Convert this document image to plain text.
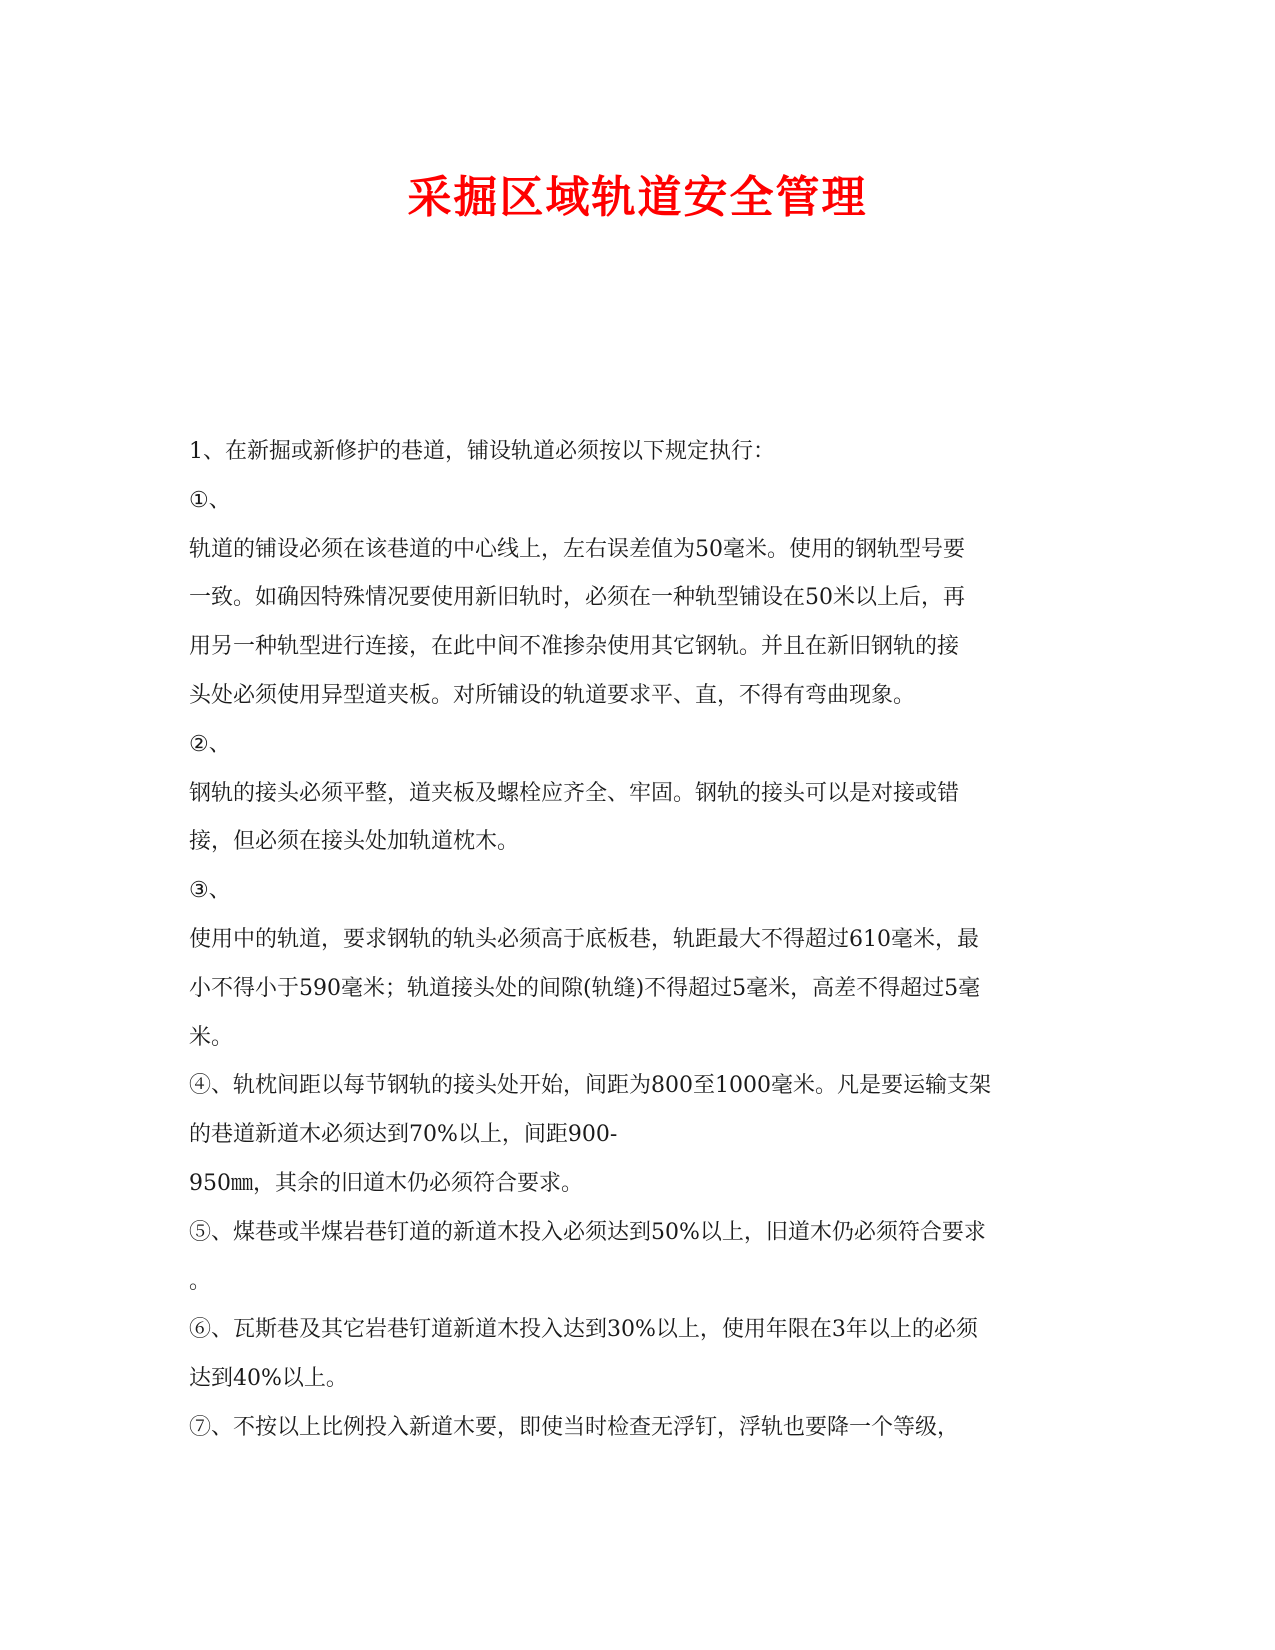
采掘区域轨道安全管理

1、在新掘或新修护的巷道，铺设轨道必须按以下规定执行：

①、

轨道的铺设必须在该巷道的中心线上，左右误差值为50毫米。使用的钢轨型号要

一致。如确因特殊情况要使用新旧轨时，必须在一种轨型铺设在50米以上后，再

用另一种轨型进行连接，在此中间不准掺杂使用其它钢轨。并且在新旧钢轨的接

头处必须使用异型道夹板。对所铺设的轨道要求平、直，不得有弯曲现象。

②、

钢轨的接头必须平整，道夹板及螺栓应齐全、牢固。钢轨的接头可以是对接或错

接，但必须在接头处加轨道枕木。

③、

使用中的轨道，要求钢轨的轨头必须高于底板巷，轨距最大不得超过610毫米，最

小不得小于590毫米；轨道接头处的间隙(轨缝)不得超过5毫米，高差不得超过5毫

米。

④、轨枕间距以每节钢轨的接头处开始，间距为800至1000毫米。凡是要运输支架

的巷道新道木必须达到70%以上，间距900-

950㎜，其余的旧道木仍必须符合要求。

⑤、煤巷或半煤岩巷钉道的新道木投入必须达到50%以上，旧道木仍必须符合要求

。

⑥、瓦斯巷及其它岩巷钉道新道木投入达到30%以上，使用年限在3年以上的必须

达到40%以上。

⑦、不按以上比例投入新道木要，即使当时检查无浮钉，浮轨也要降一个等级，
